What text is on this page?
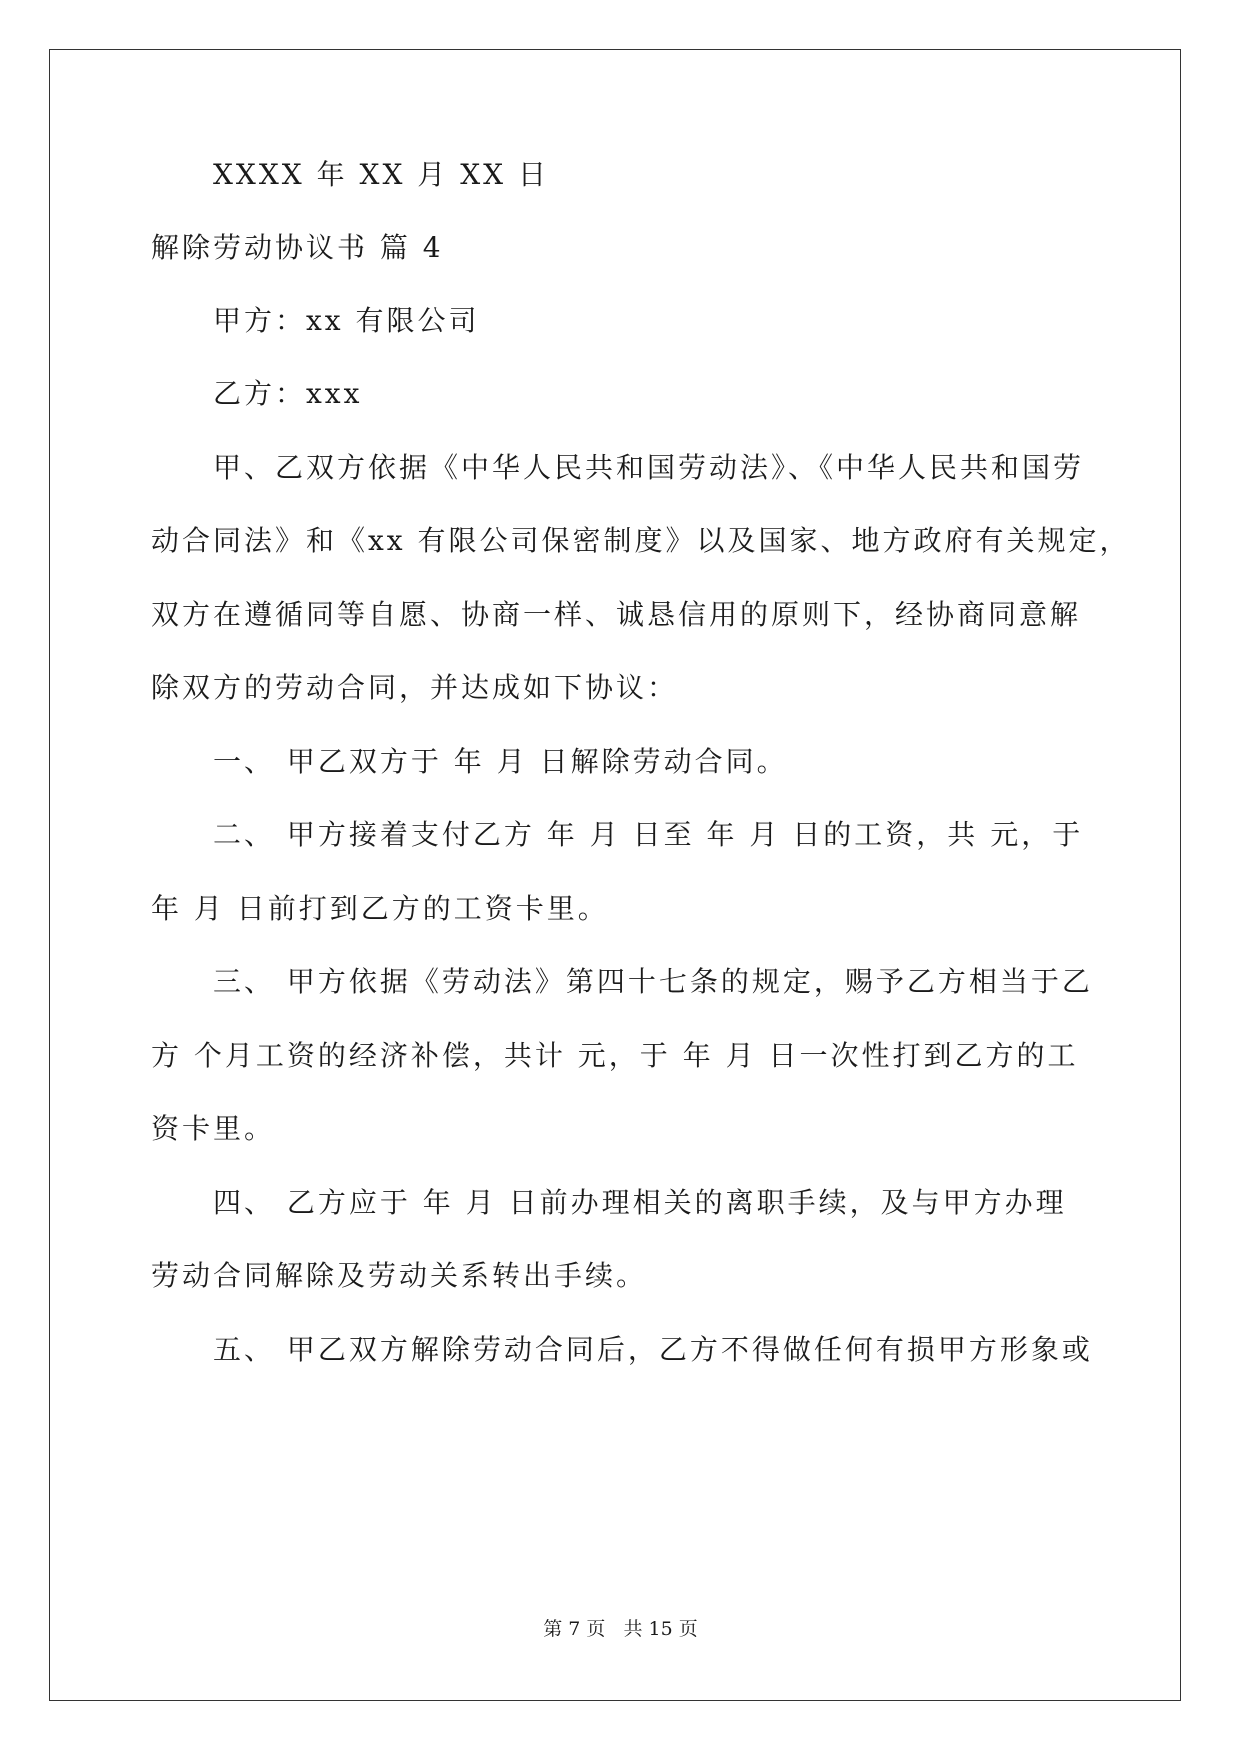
XXXX 年 XX 月 XX 日
解除劳动协议书 篇 4
甲方：xx 有限公司
乙方：xxx
甲、乙双方依据《中华人民共和国劳动法》、《中华人民共和国劳
动合同法》和《xx 有限公司保密制度》以及国家、地方政府有关规定，
双方在遵循同等自愿、协商一样、诚恳信用的原则下，经协商同意解
除双方的劳动合同，并达成如下协议：
一、 甲乙双方于 年 月 日解除劳动合同。
二、 甲方接着支付乙方 年 月 日至 年 月 日的工资，共 元，于
年 月 日前打到乙方的工资卡里。
三、 甲方依据《劳动法》第四十七条的规定，赐予乙方相当于乙
方 个月工资的经济补偿，共计 元，于 年 月 日一次性打到乙方的工
资卡里。
四、 乙方应于 年 月 日前办理相关的离职手续，及与甲方办理
劳动合同解除及劳动关系转出手续。
五、 甲乙双方解除劳动合同后，乙方不得做任何有损甲方形象或
第 7 页 共 15 页
